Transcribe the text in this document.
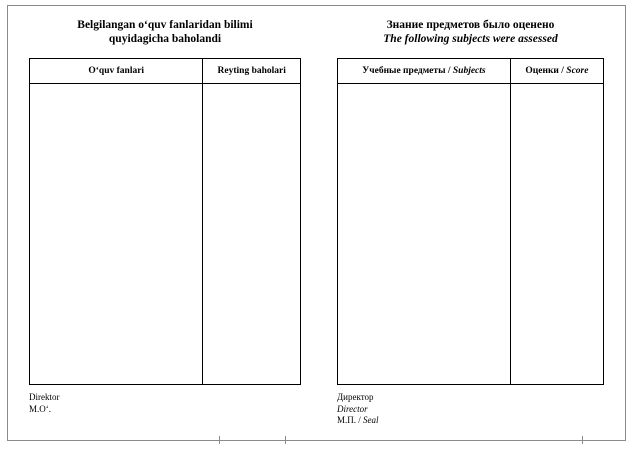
Belgilangan o‘quv fanlaridan bilimi
quyidagicha baholandi
O‘quv fanlari	Reyting baholari

Direktor
M.O‘.
Знание предметов было оценено
The following subjects were assessed
Учебные предметы / Subjects	Оценки / Score

Директор
Director
М.П. / Seal
